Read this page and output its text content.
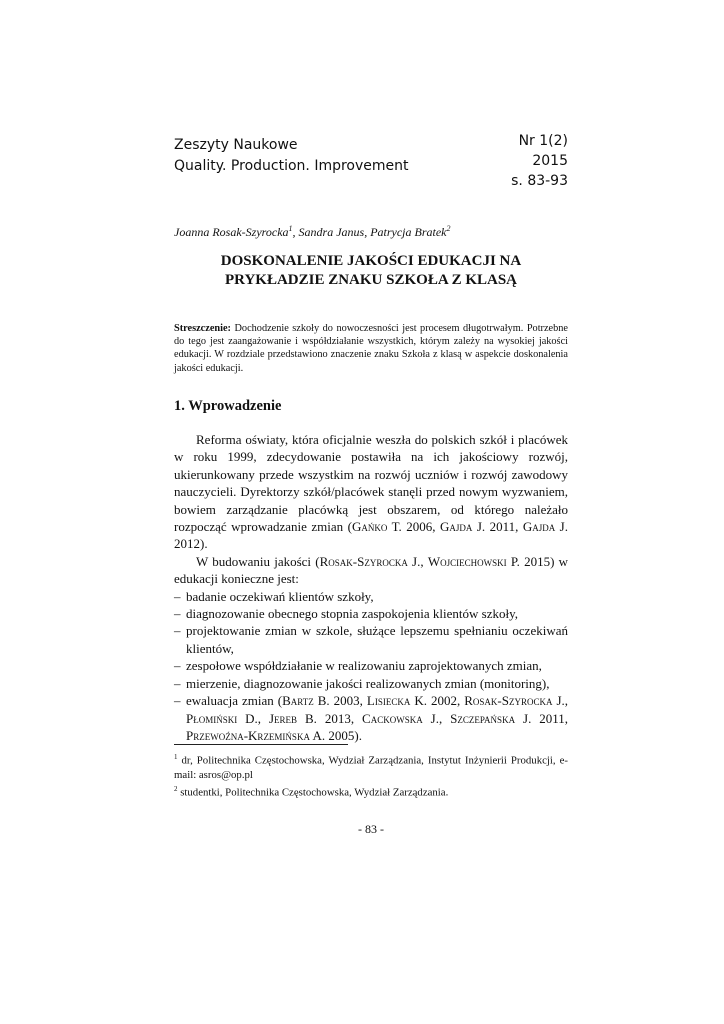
Zeszyty Naukowe
Quality. Production. Improvement
Nr 1(2)
2015
s. 83-93
Joanna Rosak-Szyrocka$^1$, Sandra Janus, Patrycja Bratek$^2$
DOSKONALENIE JAKOŚCI EDUKACJI NA
PRYKŁADZIE ZNAKU SZKOŁA Z KLASĄ
Streszczenie: Dochodzenie szkoły do nowoczesności jest procesem długotrwałym. Potrzebne do tego jest zaangażowanie i współdziałanie wszystkich, którym zależy na wysokiej jakości edukacji. W rozdziale przedstawiono znaczenie znaku Szkoła z klasą w aspekcie doskonalenia jakości edukacji.
1. Wprowadzenie

Reforma oświaty, która oficjalnie weszła do polskich szkół i placówek w roku 1999, zdecydowanie postawiła na ich jakościowy rozwój, ukierunkowany przede wszystkim na rozwój uczniów i rozwój zawodowy nauczycieli. Dyrektorzy szkół/placówek stanęli przed nowym wyzwaniem, bowiem zarządzanie placówką jest obszarem, od którego należało rozpocząć wprowadzanie zmian (Gańko T. 2006, Gajda J. 2011, Gajda J. 2012).

W budowaniu jakości (Rosak-Szyrocka J., Wojciechowski P. 2015) w edukacji konieczne jest:

– badanie oczekiwań klientów szkoły,
– diagnozowanie obecnego stopnia zaspokojenia klientów szkoły,
– projektowanie zmian w szkole, służące lepszemu spełnianiu oczekiwań klientów,
– zespołowe współdziałanie w realizowaniu zaprojektowanych zmian,
– mierzenie, diagnozowanie jakości realizowanych zmian (monitoring),
– ewaluacja zmian (Bartz B. 2003, Lisiecka K. 2002, Rosak-Szyrocka J., Płomiński D., Jereb B. 2013, Cackowska J., Szczepańska J. 2011, Przewoźna-Krzemińska A. 2005).

$^1$ dr, Politechnika Częstochowska, Wydział Zarządzania, Instytut Inżynierii Produkcji, e-mail: asros@op.pl

$^2$ studentki, Politechnika Częstochowska, Wydział Zarządzania.

- 83 -
